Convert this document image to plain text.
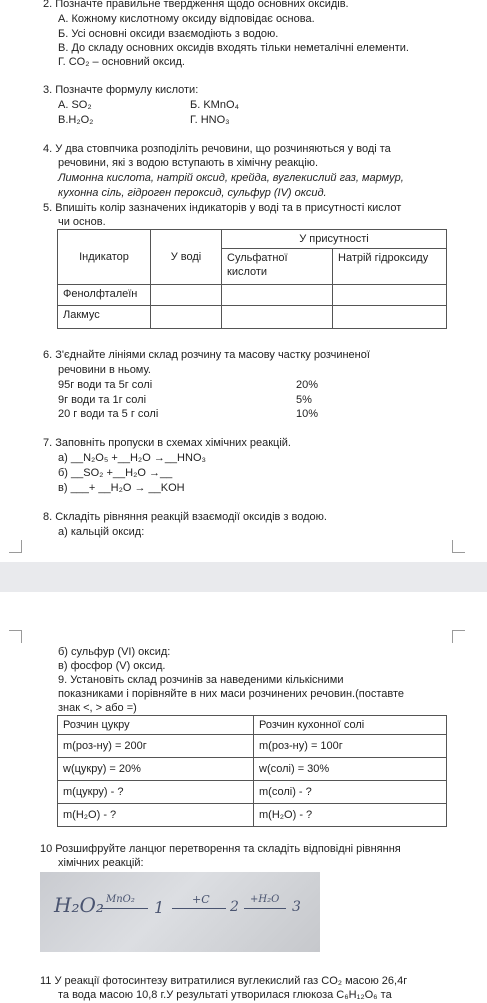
2. Позначте правильне твердження щодо основних оксидів.
А. Кожному кислотному оксиду відповідає основа.
Б. Усі основні оксиди взаємодіють з водою.
В. До складу основних оксидів входять тільки неметалічні елементи.
Г. CO₂ – основний оксид.
3. Позначте формулу кислоти:
А. SO₂	Б. KMnO₄
В.H₂O₂	Г. HNO₃
4. У два стовпчика розподіліть речовини, що розчиняються у воді та
речовини, які з водою вступають в хімічну реакцію.
Лимонна кислота, натрій оксид, крейда, вуглекислий газ, мармур,
кухонна сіль, гідроген пероксид, сульфур (IV) оксид.
5. Впишіть колір зазначених індикаторів у воді та в присутності кислот
чи основ.
Індикатор	У воді	У присутності	
		Сульфатної кислоти	Натрій гідроксиду
Фенолфталеїн			
Лакмус			
6. З'єднайте лініями склад розчину та масову частку розчиненої
речовини в ньому.
95г води та 5г солі	20%
9г води та 1г солі	5%
20 г води та 5 г солі	10%
7. Заповніть пропуски в схемах хімічних реакцій.
а) __N₂O₅ +__H₂O →__HNO₃
б) __SO₂ +__H₂O →__
в) ___+ __H₂O → __KOH
8. Складіть рівняння реакцій взаємодії оксидів з водою.
а) кальцій оксид:
б) сульфур (VI) оксид:
в) фосфор (V) оксид.
9. Установіть склад розчинів за наведеними кількісними
показниками і порівняйте в них маси розчинених речовин.(поставте
знак <, > або =)
Розчин цукру	Розчин кухонної солі
m(роз-ну) = 200г	m(роз-ну) = 100г
w(цукру) = 20%	w(солі) = 30%
m(цукру) - ?	m(солі) - ?
m(H₂O) - ?	m(H₂O) - ?
10 Розшифруйте ланцюг перетворення та складіть відповідні рівняння
хімічних реакцій:
11 У реакції фотосинтезу витратилися вуглекислий газ CO₂ масою 26,4г
та вода масою 10,8 г.У результаті утворилася глюкоза C₆H₁₂O₆ та
H₂O₂ MnO₂ 1	+C 2 +H₂O 3
